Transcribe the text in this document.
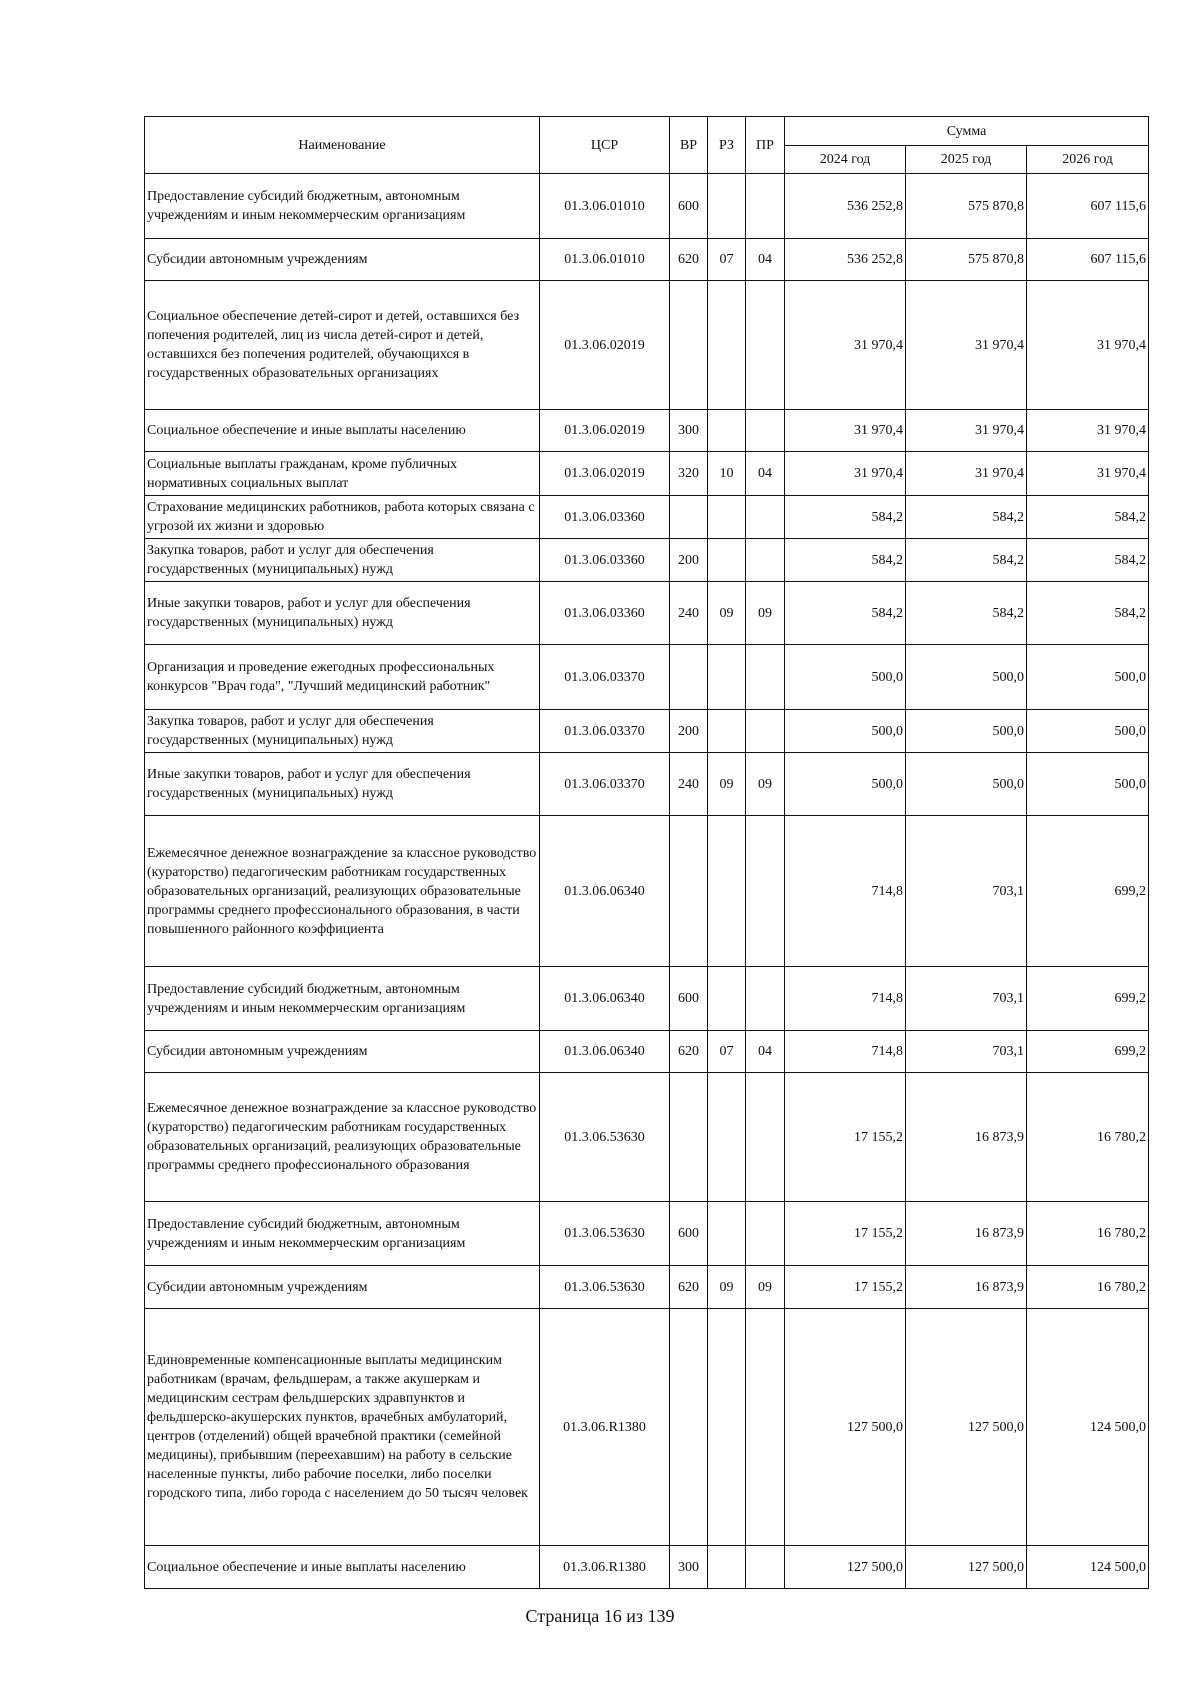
Наименование	ЦСР	ВР	РЗ	ПР	Сумма		
					2024 год	2025 год	2026 год
Предоставление субсидий бюджетным, автономным учреждениям и иным некоммерческим организациям	01.3.06.01010	600			536 252,8	575 870,8	607 115,6
Субсидии автономным учреждениям	01.3.06.01010	620	07	04	536 252,8	575 870,8	607 115,6
Социальное обеспечение детей-сирот и детей, оставшихся без попечения родителей, лиц из числа детей-сирот и детей, оставшихся без попечения родителей, обучающихся в государственных образовательных организациях	01.3.06.02019				31 970,4	31 970,4	31 970,4
Социальное обеспечение и иные выплаты населению	01.3.06.02019	300			31 970,4	31 970,4	31 970,4
Социальные выплаты гражданам, кроме публичных нормативных социальных выплат	01.3.06.02019	320	10	04	31 970,4	31 970,4	31 970,4
Страхование медицинских работников, работа которых связана с угрозой их жизни и здоровью	01.3.06.03360				584,2	584,2	584,2
Закупка товаров, работ и услуг для обеспечения государственных (муниципальных) нужд	01.3.06.03360	200			584,2	584,2	584,2
Иные закупки товаров, работ и услуг для обеспечения государственных (муниципальных) нужд	01.3.06.03360	240	09	09	584,2	584,2	584,2
Организация и проведение ежегодных профессиональных конкурсов "Врач года", "Лучший медицинский работник"	01.3.06.03370				500,0	500,0	500,0
Закупка товаров, работ и услуг для обеспечения государственных (муниципальных) нужд	01.3.06.03370	200			500,0	500,0	500,0
Иные закупки товаров, работ и услуг для обеспечения государственных (муниципальных) нужд	01.3.06.03370	240	09	09	500,0	500,0	500,0
Ежемесячное денежное вознаграждение за классное руководство (кураторство) педагогическим работникам государственных образовательных организаций, реализующих образовательные программы среднего профессионального образования, в части повышенного районного коэффициента	01.3.06.06340				714,8	703,1	699,2
Предоставление субсидий бюджетным, автономным учреждениям и иным некоммерческим организациям	01.3.06.06340	600			714,8	703,1	699,2
Субсидии автономным учреждениям	01.3.06.06340	620	07	04	714,8	703,1	699,2
Ежемесячное денежное вознаграждение за классное руководство (кураторство) педагогическим работникам государственных образовательных организаций, реализующих образовательные программы среднего профессионального образования	01.3.06.53630				17 155,2	16 873,9	16 780,2
Предоставление субсидий бюджетным, автономным учреждениям и иным некоммерческим организациям	01.3.06.53630	600			17 155,2	16 873,9	16 780,2
Субсидии автономным учреждениям	01.3.06.53630	620	09	09	17 155,2	16 873,9	16 780,2
Единовременные компенсационные выплаты медицинским работникам (врачам, фельдшерам, а также акушеркам и медицинским сестрам фельдшерских здравпунктов и фельдшерско-акушерских пунктов, врачебных амбулаторий, центров (отделений) общей врачебной практики (семейной медицины), прибывшим (переехавшим) на работу в сельские населенные пункты, либо рабочие поселки, либо поселки городского типа, либо города с населением до 50 тысяч человек	01.3.06.R1380				127 500,0	127 500,0	124 500,0
Социальное обеспечение и иные выплаты населению	01.3.06.R1380	300			127 500,0	127 500,0	124 500,0
Страница 16 из 139
